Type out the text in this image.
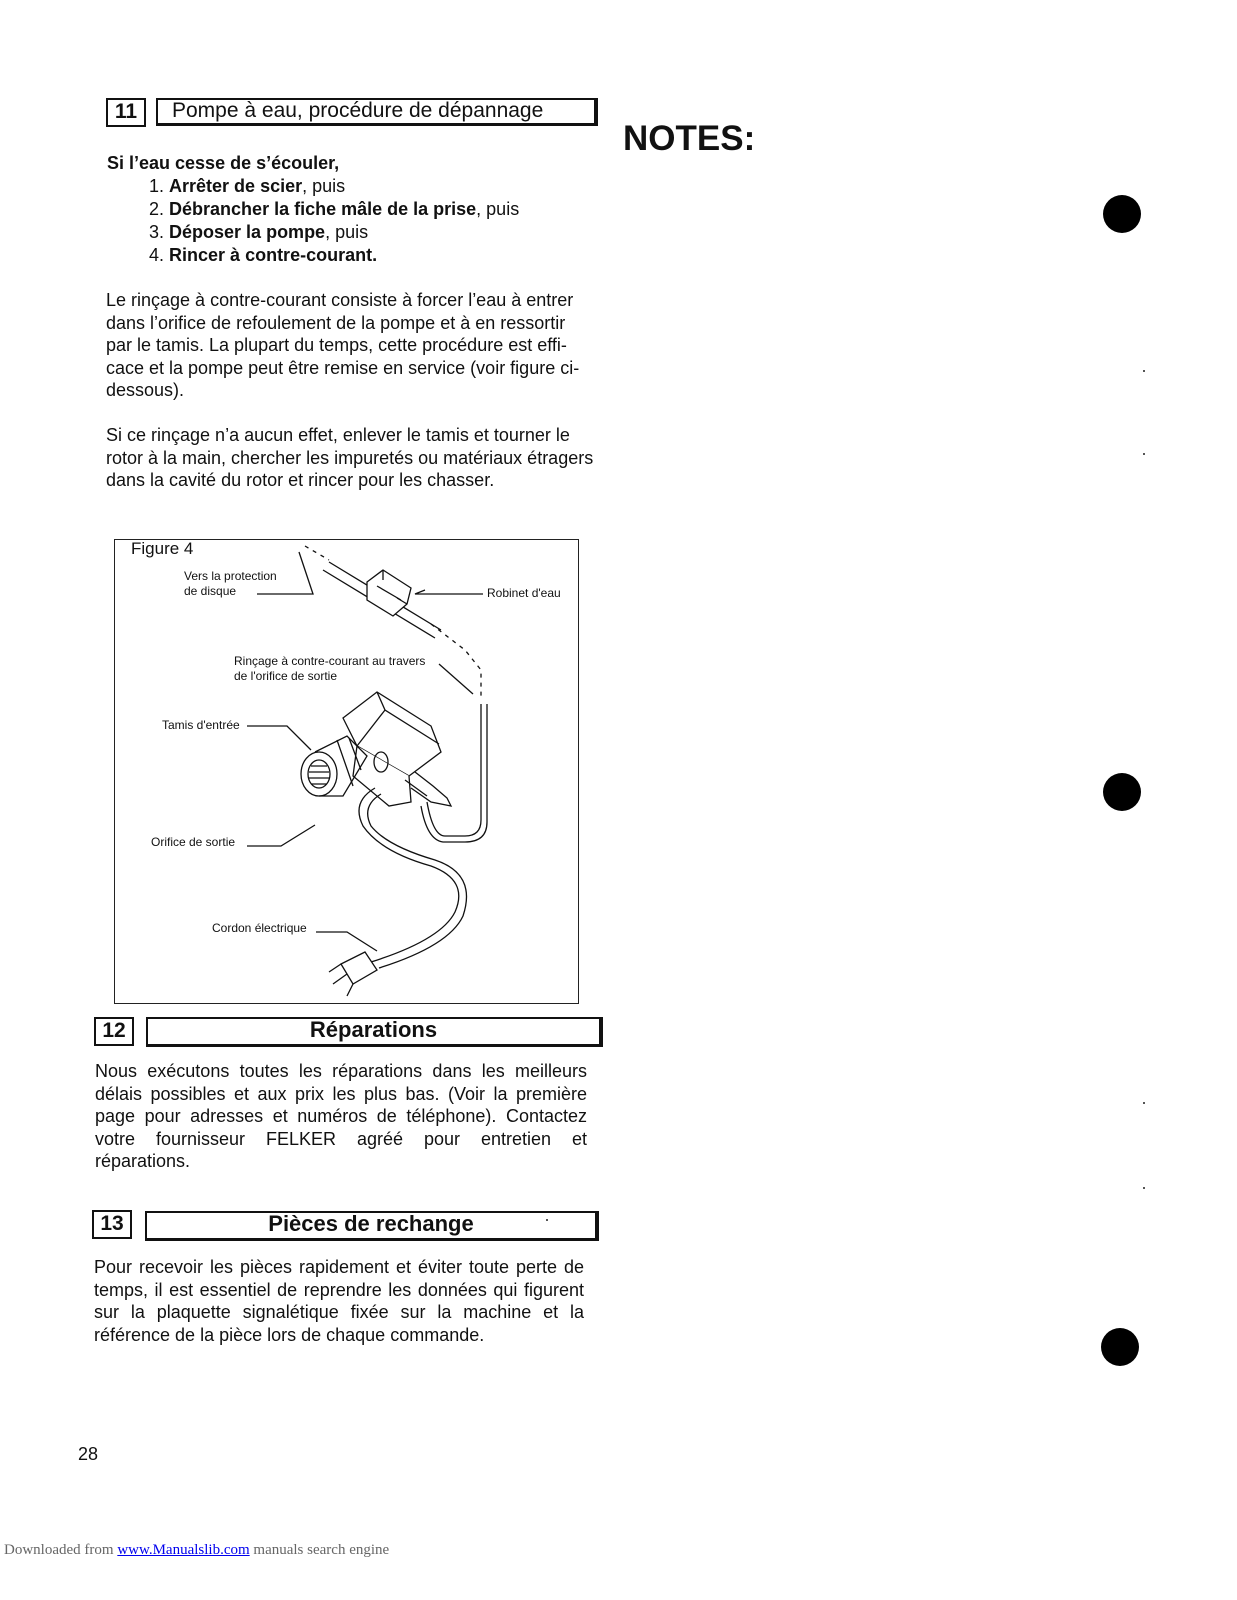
11	Pompe à eau, procédure de dépannage

Si l’eau cesse de s’écouler,

1. Arrêter de scier, puis
2. Débrancher la fiche mâle de la prise, puis
3. Déposer la pompe, puis
4. Rincer à contre-courant.
Le rinçage à contre-courant consiste à forcer l’eau à entrer
dans l’orifice de refoulement de la pompe et à en ressortir
par le tamis. La plupart du temps, cette procédure est effi-
cace et la pompe peut être remise en service (voir figure ci-
dessous).
Si ce rinçage n’a aucun effet, enlever le tamis et tourner le
rotor à la main, chercher les impuretés ou matériaux étragers
dans la cavité du rotor et rincer pour les chasser.
NOTES:
Figure 4
Vers la protection
de disque	Robinet d'eau
Rinçage à contre-courant au travers
de l'orifice de sortie
Tamis d'entrée
Orifice de sortie
Cordon électrique
12	Réparations
Nous exécutons toutes les réparations dans les meilleurs
délais possibles et aux prix les plus bas. (Voir la première
page pour adresses et numéros de téléphone). Contactez
votre fournisseur FELKER agréé pour entretien et
réparations.
13	Pièces de rechange
Pour recevoir les pièces rapidement et éviter toute perte de
temps, il est essentiel de reprendre les données qui figurent
sur la plaquette signalétique fixée sur la machine et la
référence de la pièce lors de chaque commande.
28
Downloaded from www.Manualslib.com manuals search engine
